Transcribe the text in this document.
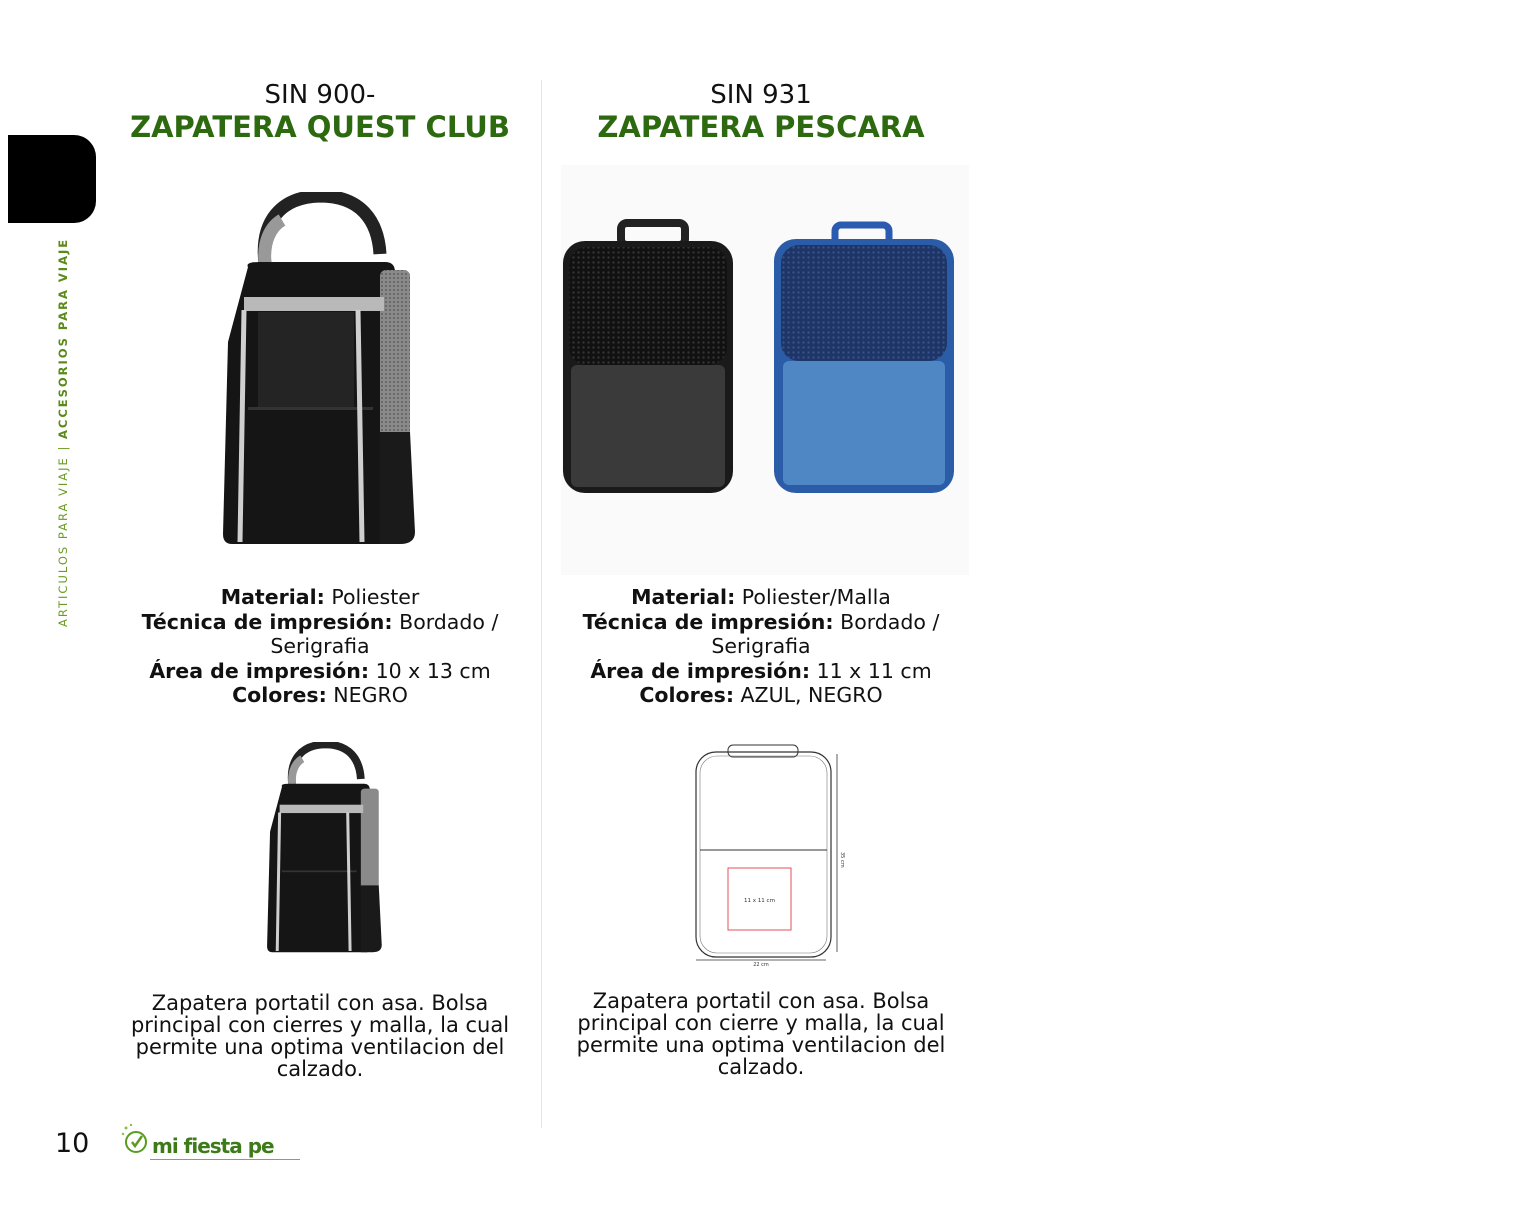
ARTICULOS PARA VIAJE | ACCESORIOS PARA VIAJE
SIN 900-
ZAPATERA QUEST CLUB
Material: Poliester
Técnica de impresión: Bordado / Serigrafia
Área de impresión: 10 x 13 cm
Colores: NEGRO
Zapatera portatil con asa. Bolsa principal con cierres y malla, la cual permite una optima ventilacion del calzado.
SIN 931
ZAPATERA PESCARA
Material: Poliester/Malla
Técnica de impresión: Bordado / Serigrafia
Área de impresión: 11 x 11 cm
Colores: AZUL, NEGRO
11 x 11 cm
35 cm
22 cm
Zapatera portatil con asa. Bolsa principal con cierre y malla, la cual permite una optima ventilacion del calzado.
10	mi fiesta pe
